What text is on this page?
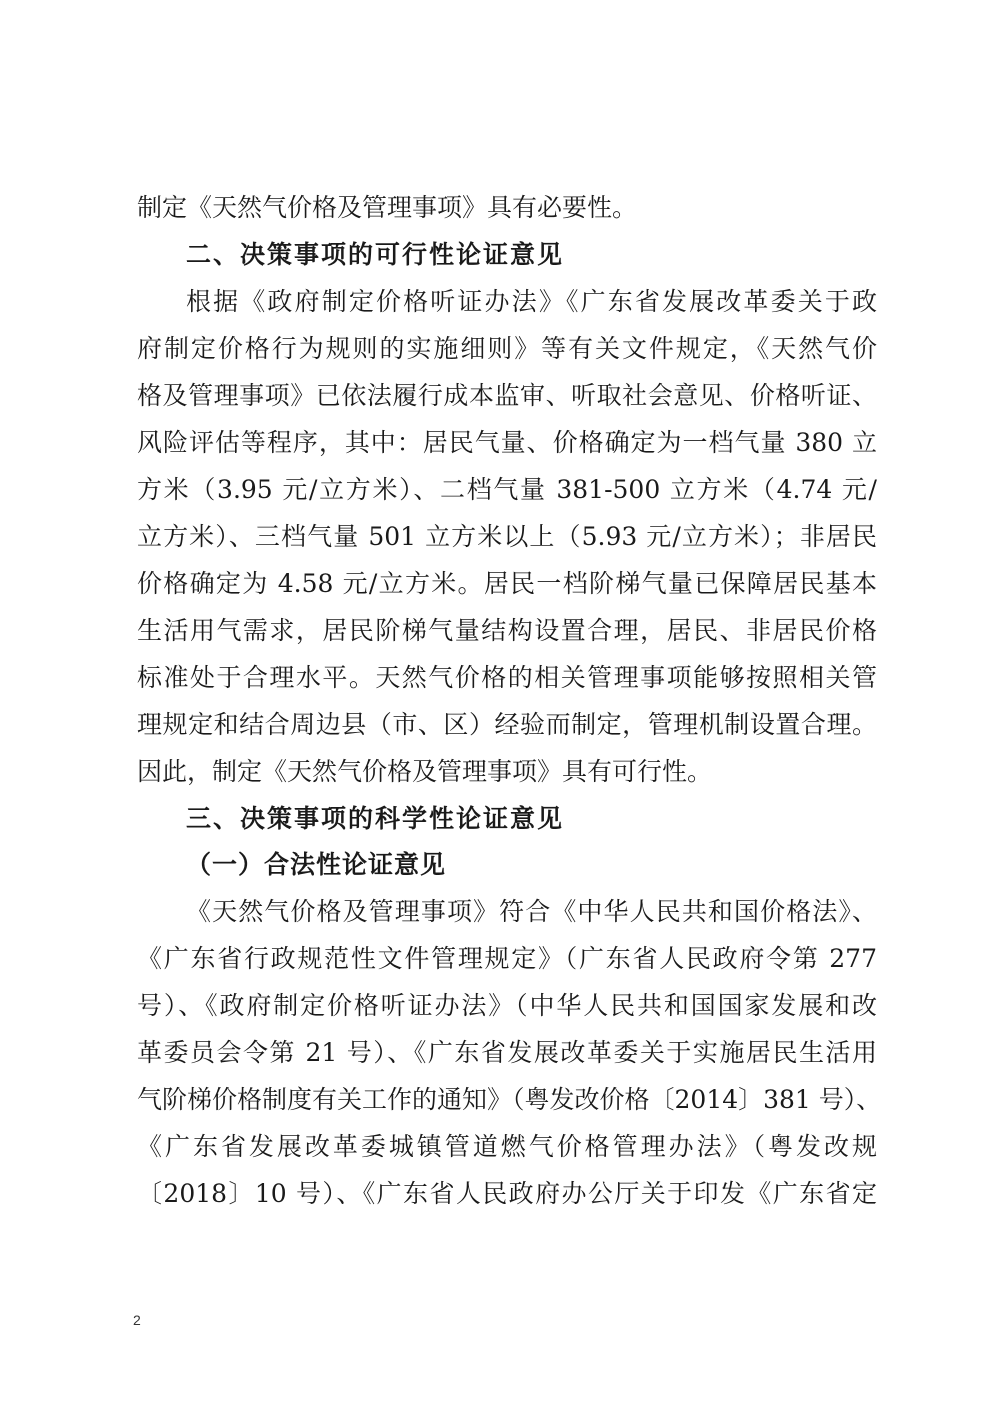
制定《天然气价格及管理事项》具有必要性。
二、决策事项的可行性论证意见
根据《政府制定价格听证办法》《广东省发展改革委关于政
府制定价格行为规则的实施细则》等有关文件规定，《天然气价
格及管理事项》已依法履行成本监审、听取社会意见、价格听证、
风险评估等程序，其中：居民气量、价格确定为一档气量 380 立
方米（3.95 元/立方米）、二档气量 381-500 立方米（4.74 元/
立方米）、三档气量 501 立方米以上（5.93 元/立方米）；非居民
价格确定为 4.58 元/立方米。居民一档阶梯气量已保障居民基本
生活用气需求，居民阶梯气量结构设置合理，居民、非居民价格
标准处于合理水平。天然气价格的相关管理事项能够按照相关管
理规定和结合周边县（市、区）经验而制定，管理机制设置合理。
因此，制定《天然气价格及管理事项》具有可行性。
三、决策事项的科学性论证意见
（一）合法性论证意见
《天然气价格及管理事项》符合《中华人民共和国价格法》、
《广东省行政规范性文件管理规定》（广东省人民政府令第 277
号）、《政府制定价格听证办法》（中华人民共和国国家发展和改
革委员会令第 21 号）、《广东省发展改革委关于实施居民生活用
气阶梯价格制度有关工作的通知》（粤发改价格〔2014〕381 号）、
《广东省发展改革委城镇管道燃气价格管理办法》（粤发改规
〔2018〕10 号）、《广东省人民政府办公厅关于印发《广东省定
2
